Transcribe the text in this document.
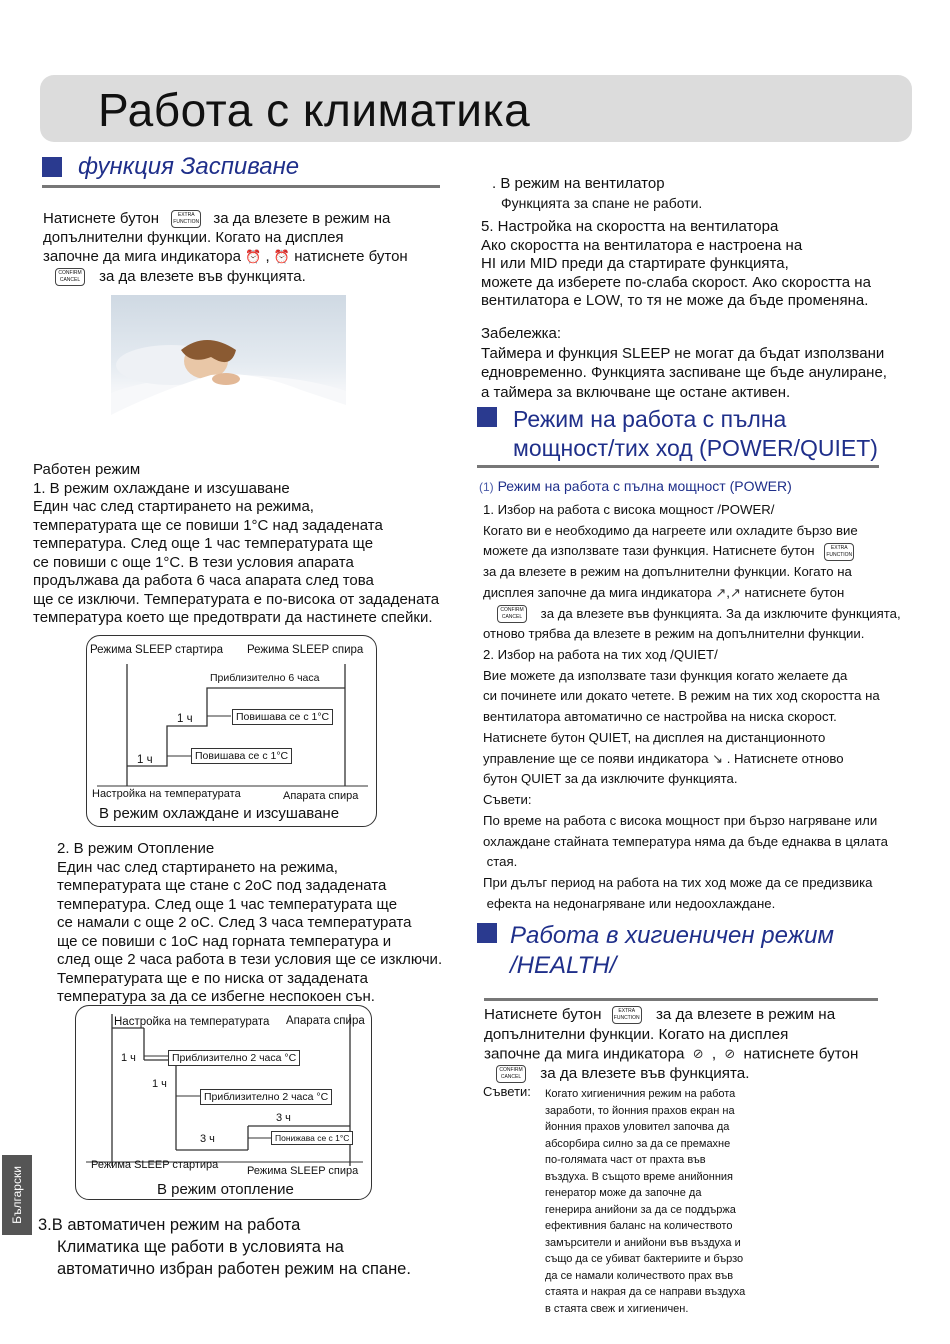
Работа с климатика
функция Заспиване
Натиснете бутон	EXTRA
FUNCTION за да влезете в режим на
допълнителни функции. Когато на дисплея
започне да мига индикатора ⏰ , ⏰ натиснете бутон
CONFIRM
CANCEL за да влезете във функцията.
Работен режим
1. В режим охлаждане и изсушаване
Един час след стартирането на режима,
температурата ще се повиши 1°С над зададената
температура. След още 1 час температурата ще
се повиши с още 1°С. В тези условия апарата
продължава да работа 6 часа апарата след това
ще се изключи. Температурата е по-висока от зададената
температура което ще предотврати да настинете спейки.
Режима SLEEP стартира Режима SLEEP спира
Приблизително 6 часа
1 ч
1 ч
Повишава се с 1°С
Повишава се с 1°С
Настройка на температурата	Апарата спира
В режим охлаждане и изсушаване
2. В режим Отопление
Един час след стартирането на режима,
температурата ще стане с 2оС под зададената
температура. След още 1 час температурата ще
се намали с още 2 оС. След 3 часа температурата
ще се повиши с 1оС над горната температура и
след още 2 часа работа в тези условия ще се изключи.
Температурата ще е по ниска от зададената
температура за да се избегне неспокоен сън.
Настройка на температурата Апарата спира
1 ч	Приблизително 2 часа °С
1 ч
Приблизително 2 часа °С
3 ч
3 ч	Понижава се с 1°С
Режима SLEEP стартира	Режима SLEEP спира
В режим отопление
3.В автоматичен режим на работа
Климатика ще работи в условията на
автоматично избран работен режим на спане.
Български
. В режим на вентилатор
Функцията за спане не работи.
5. Настройка на скоростта на вентилатора
Ако скоростта на вентилатора е настроена на
HI или MID преди да стартирате функцията,
можете да изберете по-слаба скорост. Ако скоростта на
вентилатора е LOW, то тя не може да бъде променяна.
Забележка:
Таймера и функция SLEEP не могат да бъдат използвани
едновременно. Функцията заспиване ще бъде анулиране,
а таймера за включване ще остане активен.
Режим на работа с пълна
мощност/тих ход (POWER/QUIET)
(1) Режим на работа с пълна мощност (POWER)
1. Избор на работа с висока мощност /POWER/
Когато ви е необходимо да нагреете или охладите бързо вие
можете да използвате тази функция. Натиснете бутон	EXTRA
FUNCTION
за да влезете в режим на допълнителни функции. Когато на
дисплея започне да мига индикатора ↗,↗ натиснете бутон
CONFIRM
CANCEL за да влезете във функцията. За да изключите функцията,
отново трябва да влезете в режим на допълнителни функции.
2. Избор на работа на тих ход /QUIET/
Вие можете да използвате тази функция когато желаете да
си починете или докато четете. В режим на тих ход скоростта на
вентилатора автоматично се настройва на ниска скорост.
Натиснете бутон QUIET, на дисплея на дистанционното
управление ще се появи индикатора ↘ . Натиснете отново
бутон QUIET за да изключите функцията.
Съвети:
По време на работа с висока мощност при бързо нагряване или
охлаждане стайната температура няма да бъде еднаква в цялата
стая.
При дълъг период на работа на тих ход може да се предизвика
ефекта на недонагряване или недоохлаждане.
Работа в хигиеничен режим
/HEALTH/
Натиснете бутон	EXTRA
FUNCTION за да влезете в режим на
допълнителни функции. Когато на дисплея
започне да мига индикатора ⊘ , ⊘ натиснете бутон
CONFIRM
CANCEL за да влезете във функцията.
Съвети: Когато хигиеничния режим на работа
заработи, то йонния прахов екран на
йонния прахов уловител започва да
абсорбира силно за да се премахне
по-голямата част от прахта във
въздуха. В същото време анийонния
генератор може да започне да
генерира анийони за да се поддържа
ефективния баланс на количеството
замърсители и анийони във въздуха и
също да се убиват бактериите и бързо
да се намали количеството прах във
стаята и накрая да се направи въздуха
в стаята свеж и хигиеничен.
